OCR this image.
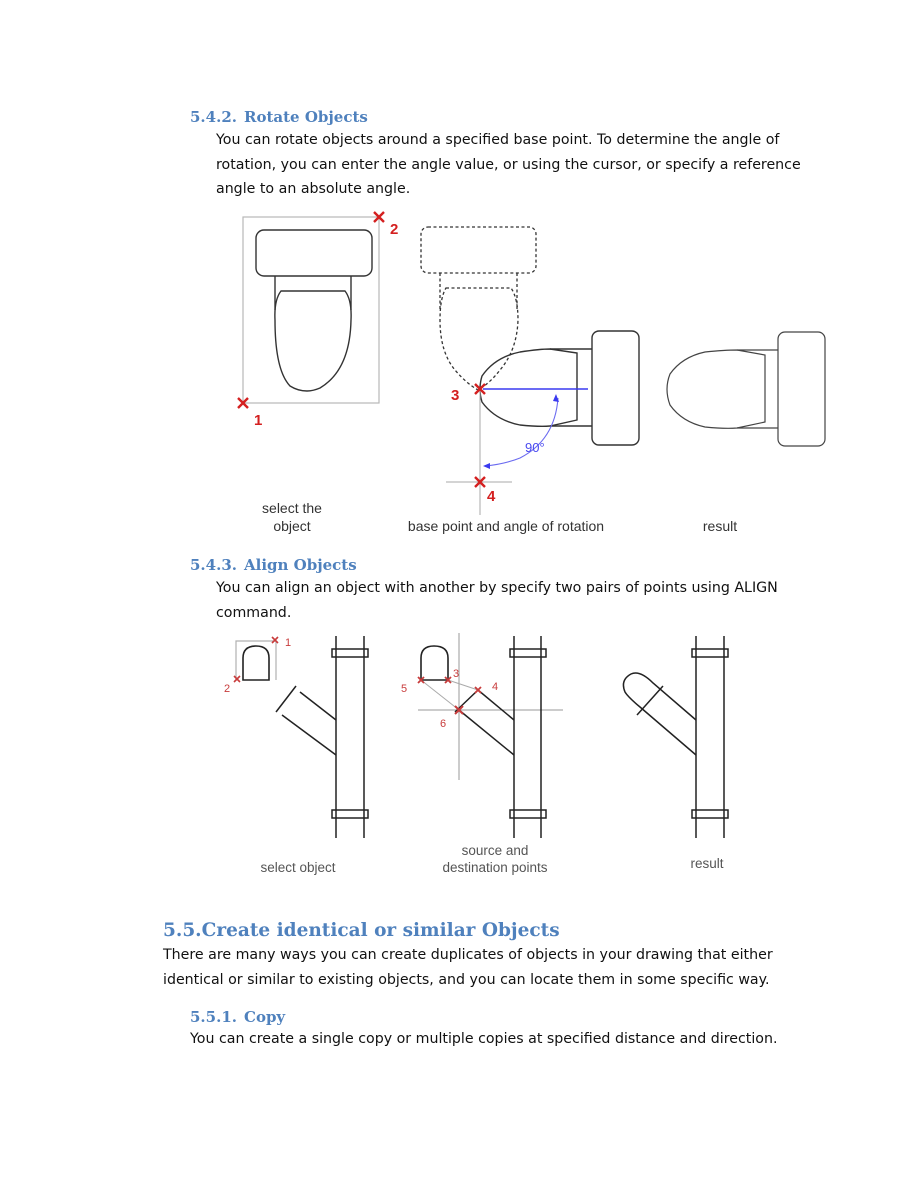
5.4.2. Rotate Objects
You can rotate objects around a specified base point. To determine the angle of
rotation, you can enter the angle value, or using the cursor, or specify a reference
angle to an absolute angle.
1
2
90°
3
4
select the
object	base point and angle of rotation	result
5.4.3. Align Objects
You can align an object with another by specify two pairs of points using ALIGN
command.
1
2
3
4
5
6
select object
source and
destination points	result
5.5.Create identical or similar Objects
There are many ways you can create duplicates of objects in your drawing that either
identical or similar to existing objects, and you can locate them in some specific way.
5.5.1. Copy
You can create a single copy or multiple copies at specified distance and direction.
